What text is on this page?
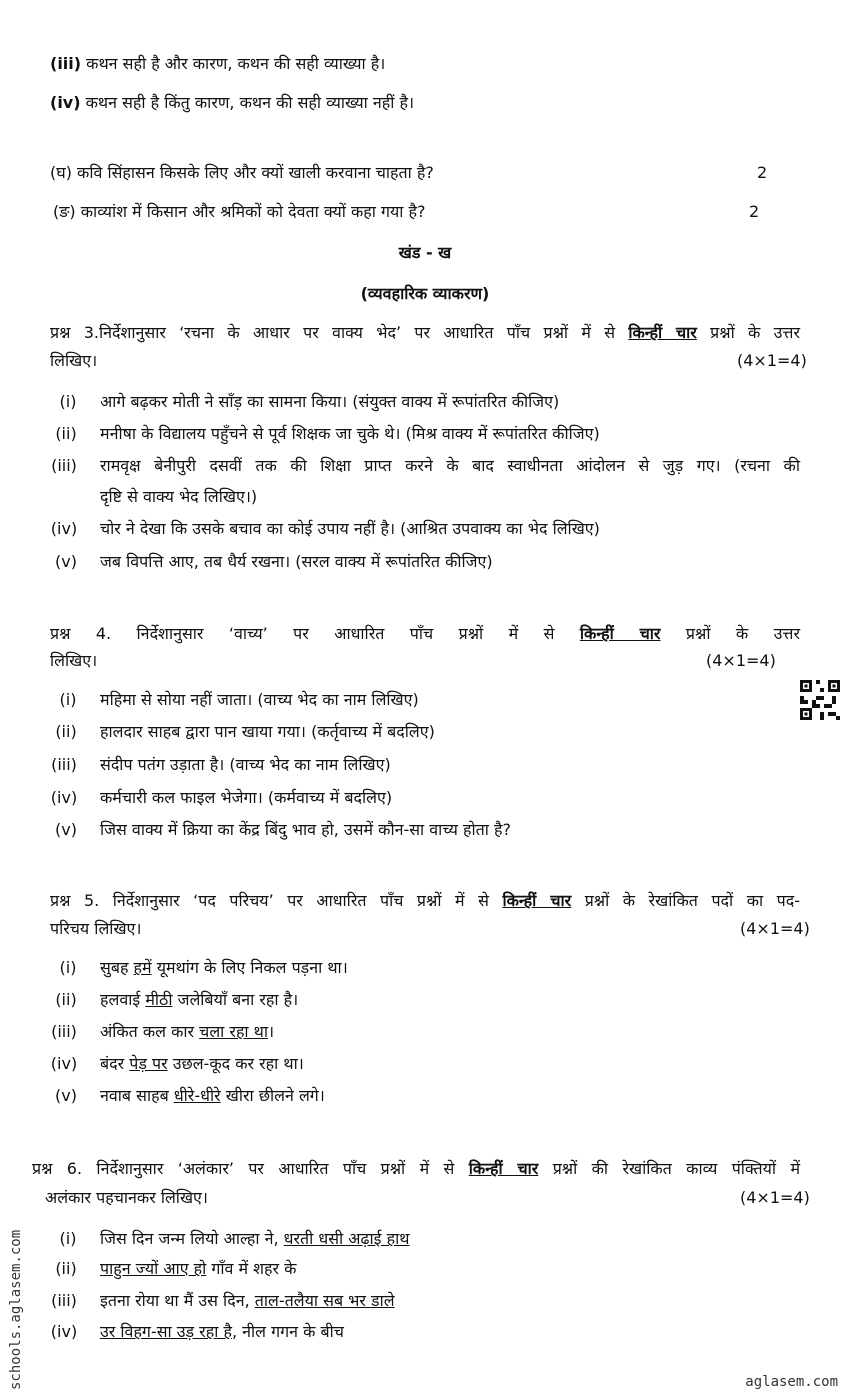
(iii) कथन सही है और कारण, कथन की सही व्याख्या है।
(iv) कथन सही है किंतु कारण, कथन की सही व्याख्या नहीं है।
(घ) कवि सिंहासन किसके लिए और क्यों खाली करवाना चाहता है?	2
(ङ) काव्यांश में किसान और श्रमिकों को देवता क्यों कहा गया है?	2
खंड - ख
(व्यवहारिक व्याकरण)
प्रश्न 3.निर्देशानुसार ‘रचना के आधार पर वाक्य भेद’ पर आधारित पाँच प्रश्नों में से किन्हीं चार प्रश्नों के उत्तर
लिखिए।	(4×1=4)
(i)	आगे बढ़कर मोती ने साँड़ का सामना किया। (संयुक्त वाक्य में रूपांतरित कीजिए)
(ii)	मनीषा के विद्यालय पहुँचने से पूर्व शिक्षक जा चुके थे। (मिश्र वाक्य में रूपांतरित कीजिए)
(iii)	रामवृक्ष बेनीपुरी दसवीं तक की शिक्षा प्राप्त करने के बाद स्वाधीनता आंदोलन से जुड़ गए। (रचना की
दृष्टि से वाक्य भेद लिखिए।)
(iv)	चोर ने देखा कि उसके बचाव का कोई उपाय नहीं है। (आश्रित उपवाक्य का भेद लिखिए)
(v)	जब विपत्ति आए, तब धैर्य रखना। (सरल वाक्य में रूपांतरित कीजिए)
प्रश्न 4. निर्देशानुसार ‘वाच्य’ पर आधारित पाँच प्रश्नों में से किन्हीं चार प्रश्नों के उत्तर
लिखिए।	(4×1=4)
(i)	महिमा से सोया नहीं जाता। (वाच्य भेद का नाम लिखिए)
(ii)	हालदार साहब द्वारा पान खाया गया। (कर्तृवाच्य में बदलिए)
(iii)	संदीप पतंग उड़ाता है। (वाच्य भेद का नाम लिखिए)
(iv)	कर्मचारी कल फाइल भेजेगा। (कर्मवाच्य में बदलिए)
(v)	जिस वाक्य में क्रिया का केंद्र बिंदु भाव हो, उसमें कौन-सा वाच्य होता है?
प्रश्न 5. निर्देशानुसार ‘पद परिचय’ पर आधारित पाँच प्रश्नों में से किन्हीं चार प्रश्नों के रेखांकित पदों का पद-
परिचय लिखिए।	(4×1=4)
(i)	सुबह हमें यूमथांग के लिए निकल पड़ना था।
(ii)	हलवाई मीठी जलेबियाँ बना रहा है।
(iii)	अंकित कल कार चला रहा था।
(iv)	बंदर पेड़ पर उछल-कूद कर रहा था।
(v)	नवाब साहब धीरे-धीरे खीरा छीलने लगे।
प्रश्न 6. निर्देशानुसार ‘अलंकार’ पर आधारित पाँच प्रश्नों में से किन्हीं चार प्रश्नों की रेखांकित काव्य पंक्तियों में
अलंकार पहचानकर लिखिए।	(4×1=4)
(i)	जिस दिन जन्म लियो आल्हा ने, धरती धसी अढ़ाई हाथ
(ii)	पाहुन ज्यों आए हो गाँव में शहर के
(iii)	इतना रोया था मैं उस दिन, ताल-तलैया सब भर डाले
(iv)	उर विहग-सा उड़ रहा है, नील गगन के बीच
schools.aglasem.com	aglasem.com
